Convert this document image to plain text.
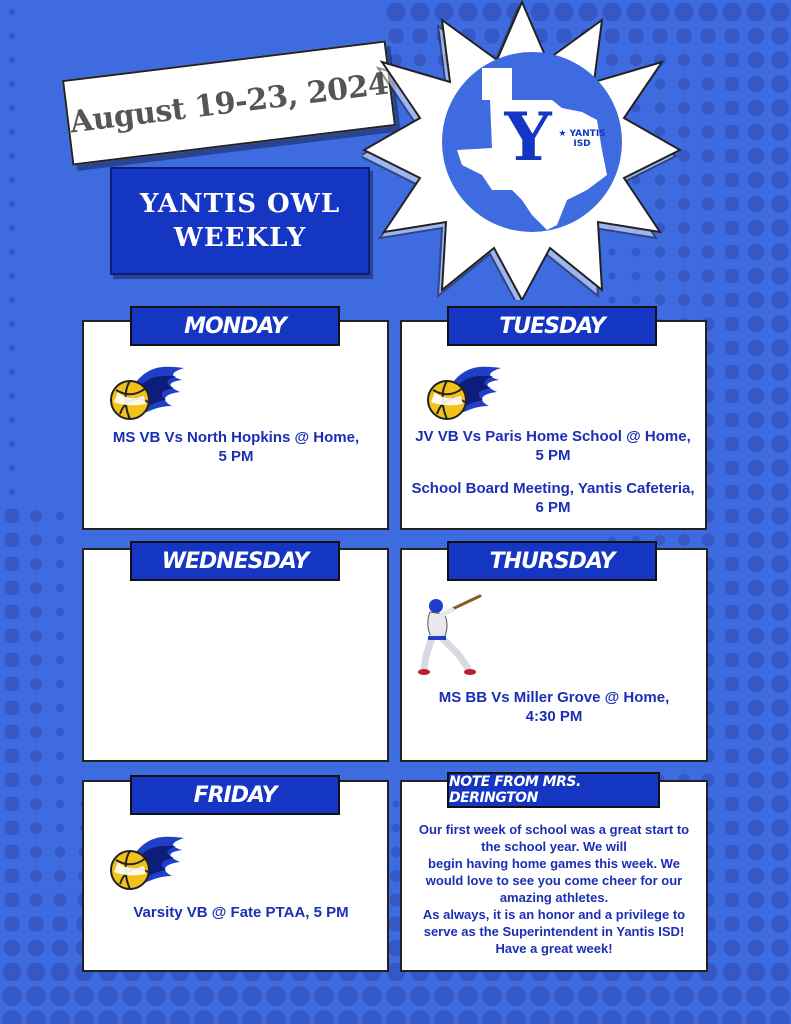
August 19-23, 2024
YANTIS OWL
WEEKLY
Y ★ YANTIS
ISD
MONDAY
MS VB Vs North Hopkins @ Home,
5 PM
TUESDAY
JV VB Vs Paris Home School @ Home,
5 PM
School Board Meeting, Yantis Cafeteria,
6 PM
WEDNESDAY	THURSDAY
MS BB Vs Miller Grove @ Home,
4:30 PM
FRIDAY
Varsity VB @ Fate PTAA, 5 PM
NOTE FROM MRS. DERINGTON
Our first week of school was a great start to
the school year. We will
begin having home games this week. We
would love to see you come cheer for our
amazing athletes.
As always, it is an honor and a privilege to
serve as the Superintendent in Yantis ISD!
Have a great week!
